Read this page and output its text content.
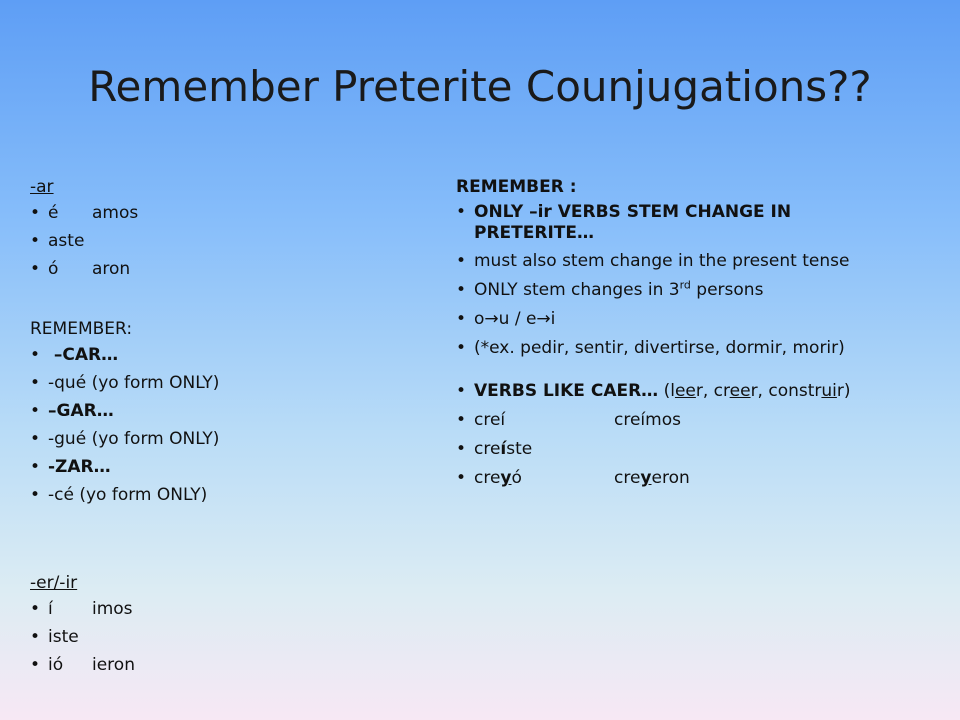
Remember Preterite Counjugations??
-ar
• é amos
• aste
• ó aron
REMEMBER:
•  –CAR…
• -qué (yo form ONLY)
• –GAR…
• -gué (yo form ONLY)
• -ZAR…
• -cé (yo form ONLY)
-er/-ir
• í imos
• iste
• ió ieron
REMEMBER :
• ONLY –ir VERBS STEM CHANGE IN PRETERITE…
• must also stem change in the present tense
• ONLY stem changes in 3rd persons
• o→u / e→i
• (*ex. pedir, sentir, divertirse, dormir, morir)
• VERBS LIKE CAER… (leer, creer, construir)
• creí	creímos
• creíste
• creyó	creyeron
